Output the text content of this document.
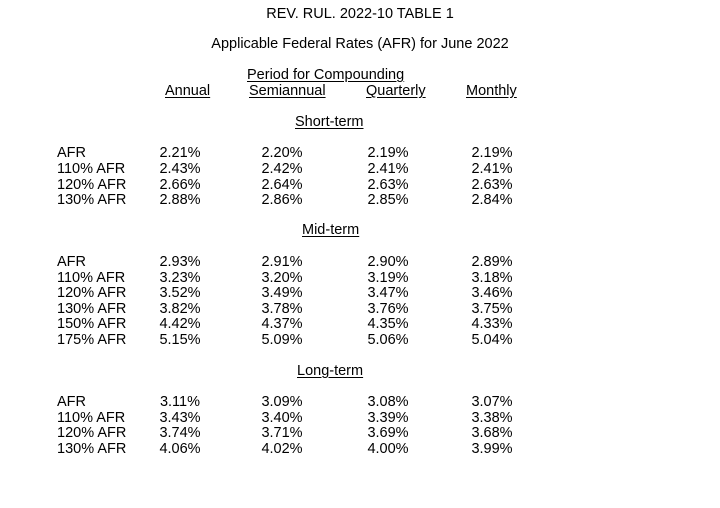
REV. RUL. 2022-10 TABLE 1
Applicable Federal Rates (AFR) for June 2022
Period for Compounding
Annual	Semiannual	Quarterly	Monthly
Short-term
AFR	2.21%	2.20%	2.19%	2.19%
110% AFR	2.43%	2.42%	2.41%	2.41%
120% AFR	2.66%	2.64%	2.63%	2.63%
130% AFR	2.88%	2.86%	2.85%	2.84%
Mid-term
AFR	2.93%	2.91%	2.90%	2.89%
110% AFR	3.23%	3.20%	3.19%	3.18%
120% AFR	3.52%	3.49%	3.47%	3.46%
130% AFR	3.82%	3.78%	3.76%	3.75%
150% AFR	4.42%	4.37%	4.35%	4.33%
175% AFR	5.15%	5.09%	5.06%	5.04%
Long-term
AFR	3.11%	3.09%	3.08%	3.07%
110% AFR	3.43%	3.40%	3.39%	3.38%
120% AFR	3.74%	3.71%	3.69%	3.68%
130% AFR	4.06%	4.02%	4.00%	3.99%
